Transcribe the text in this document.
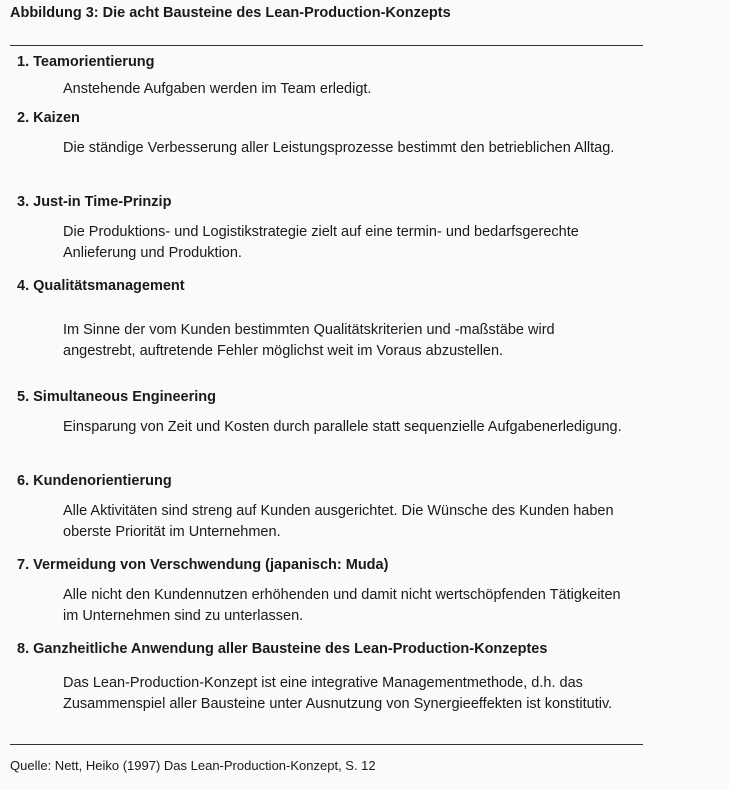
Abbildung 3: Die acht Bausteine des Lean-Production-Konzepts
1. Teamorientierung
Anstehende Aufgaben werden im Team erledigt.
2. Kaizen
Die ständige Verbesserung aller Leistungsprozesse bestimmt den betrieblichen Alltag.
3. Just-in Time-Prinzip
Die Produktions- und Logistikstrategie zielt auf eine termin- und bedarfsgerechte Anlieferung und Produktion.
4. Qualitätsmanagement
Im Sinne der vom Kunden bestimmten Qualitätskriterien und -maßstäbe wird angestrebt, auftretende Fehler möglichst weit im Voraus abzustellen.
5. Simultaneous Engineering
Einsparung von Zeit und Kosten durch parallele statt sequenzielle Aufgabenerledigung.
6. Kundenorientierung
Alle Aktivitäten sind streng auf Kunden ausgerichtet. Die Wünsche des Kunden haben oberste Priorität im Unternehmen.
7. Vermeidung von Verschwendung (japanisch: Muda)
Alle nicht den Kundennutzen erhöhenden und damit nicht wertschöpfenden Tätigkeiten im Unternehmen sind zu unterlassen.
8. Ganzheitliche Anwendung aller Bausteine des Lean-Production-Konzeptes
Das Lean-Production-Konzept ist eine integrative Managementmethode, d.h. das Zusammenspiel aller Bausteine unter Ausnutzung von Synergieeffekten ist konstitutiv.
Quelle: Nett, Heiko (1997) Das Lean-Production-Konzept, S. 12
